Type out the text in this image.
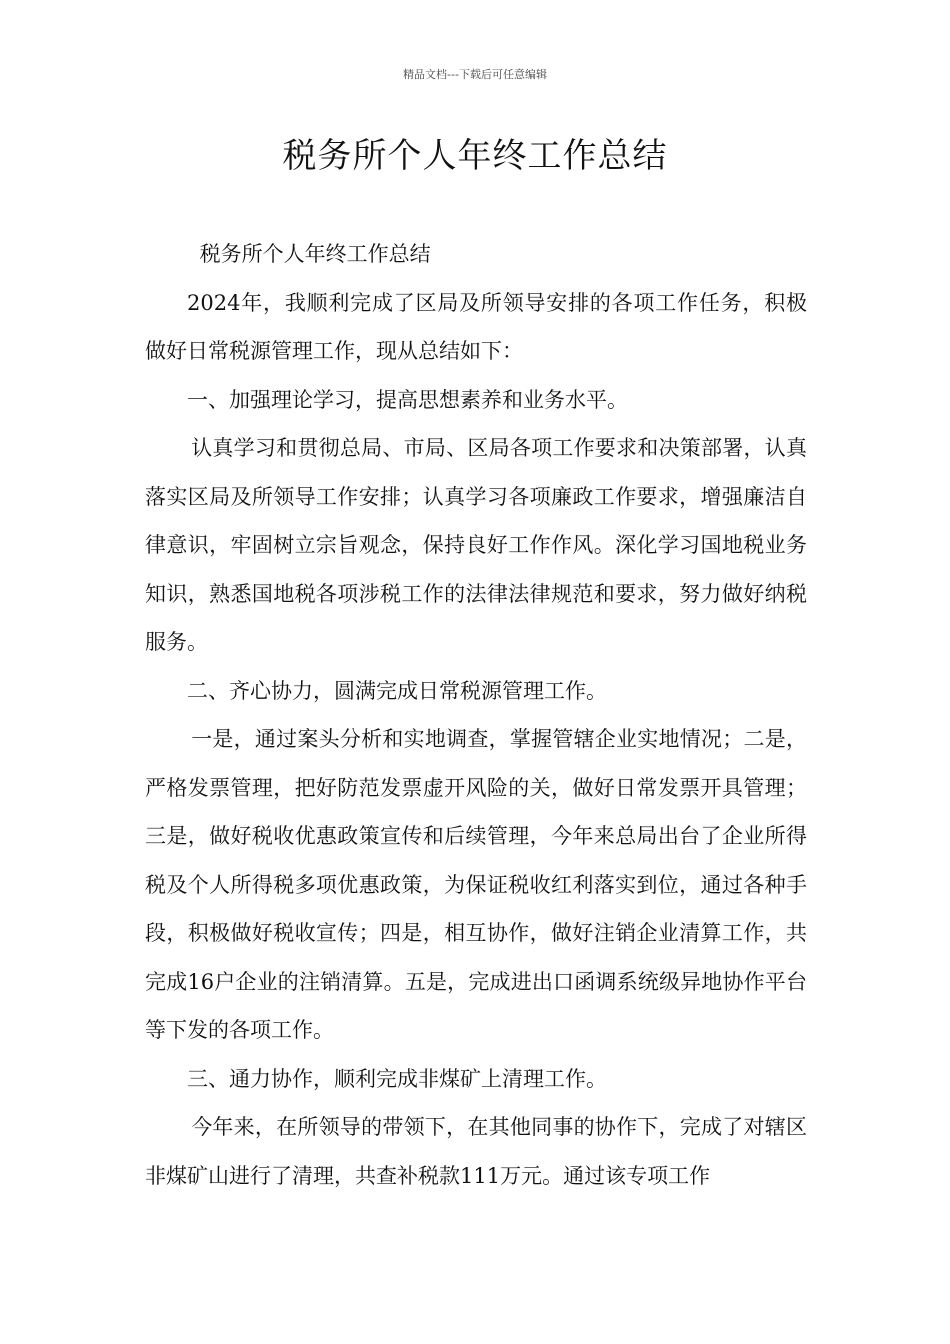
精品文档---下载后可任意编辑
税务所个人年终工作总结

税务所个人年终工作总结

2024年，我顺利完成了区局及所领导安排的各项工作任务，积极做好日常税源管理工作，现从总结如下：

一、加强理论学习，提高思想素养和业务水平。

认真学习和贯彻总局、市局、区局各项工作要求和决策部署，认真落实区局及所领导工作安排；认真学习各项廉政工作要求，增强廉洁自律意识，牢固树立宗旨观念，保持良好工作作风。深化学习国地税业务知识，熟悉国地税各项涉税工作的法律法律规范和要求，努力做好纳税服务。

二、齐心协力，圆满完成日常税源管理工作。

一是，通过案头分析和实地调查，掌握管辖企业实地情况；二是，严格发票管理，把好防范发票虚开风险的关，做好日常发票开具管理；三是，做好税收优惠政策宣传和后续管理，今年来总局出台了企业所得税及个人所得税多项优惠政策，为保证税收红利落实到位，通过各种手段，积极做好税收宣传；四是，相互协作，做好注销企业清算工作，共完成16户企业的注销清算。五是，完成进出口函调系统级异地协作平台等下发的各项工作。

三、通力协作，顺利完成非煤矿上清理工作。

今年来，在所领导的带领下，在其他同事的协作下，完成了对辖区非煤矿山进行了清理，共查补税款111万元。通过该专项工作
